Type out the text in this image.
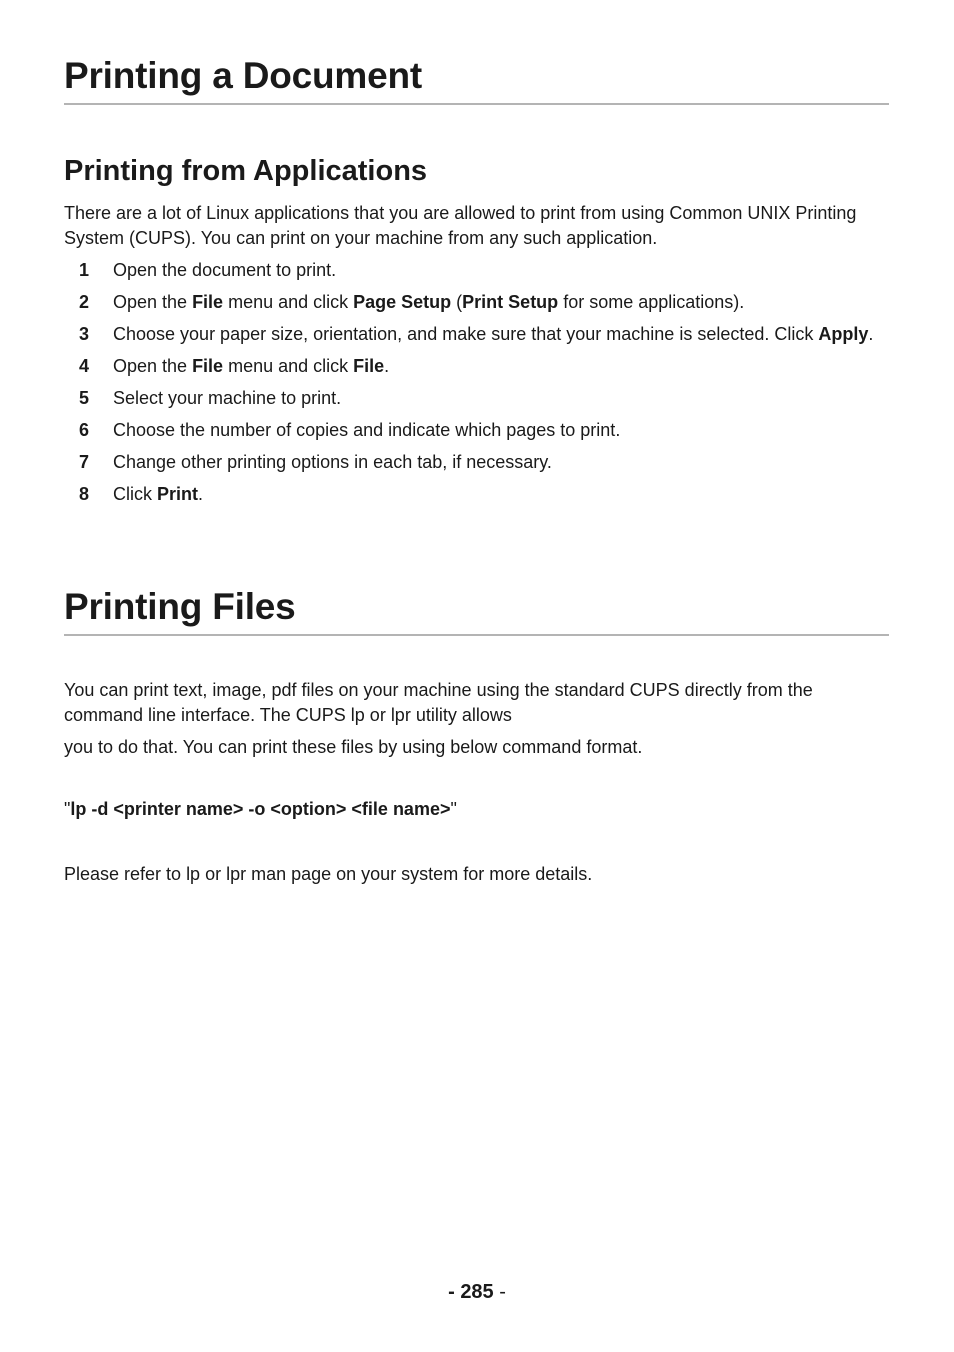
Printing a Document
Printing from Applications

There are a lot of Linux applications that you are allowed to print from using Common UNIX Printing System (CUPS). You can print on your machine from any such application.

1 Open the document to print.
2 Open the File menu and click Page Setup (Print Setup for some applications).
3 Choose your paper size, orientation, and make sure that your machine is selected. Click Apply.
4 Open the File menu and click File.
5 Select your machine to print.
6 Choose the number of copies and indicate which pages to print.
7 Change other printing options in each tab, if necessary.
8 Click Print.
Printing Files

You can print text, image, pdf files on your machine using the standard CUPS directly from the command line interface. The CUPS lp or lpr utility allows

you to do that. You can print these files by using below command format.

"lp -d <printer name> -o <option> <file name>"

Please refer to lp or lpr man page on your system for more details.

- 285 -
